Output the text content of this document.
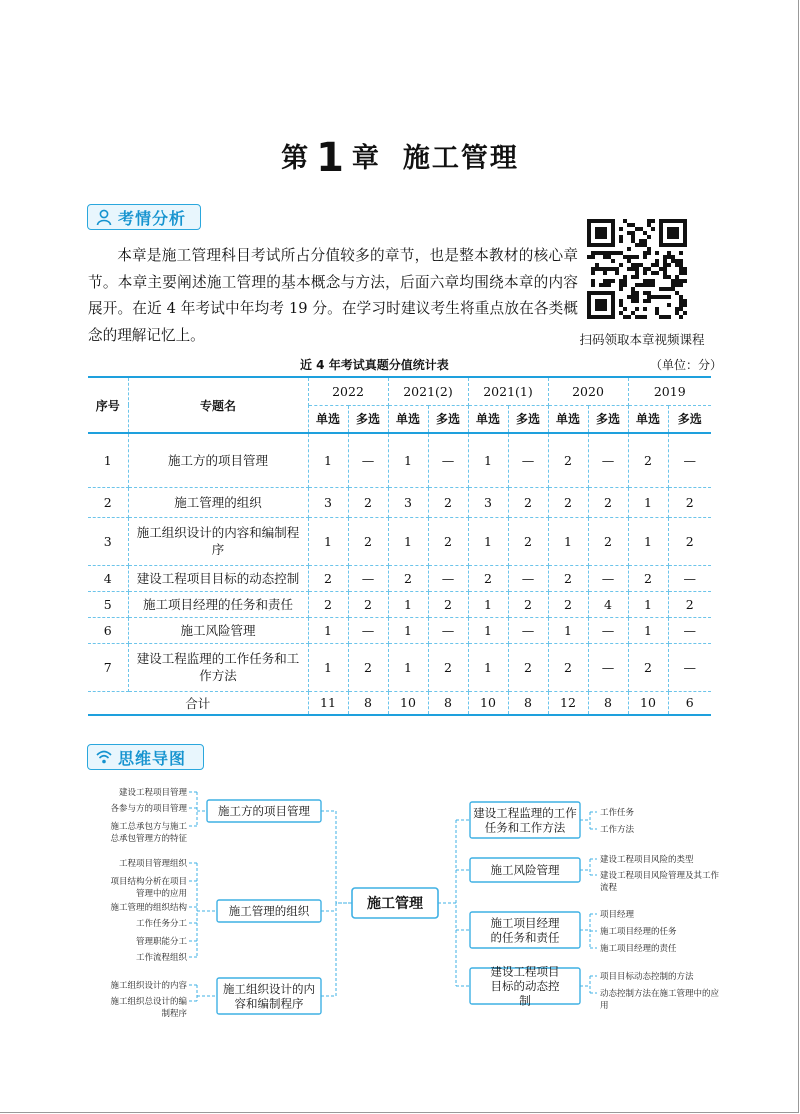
第 1 章 施工管理
考情分析

本章是施工管理科目考试所占分值较多的章节，也是整本教材的核心章节。本章主要阐述施工管理的基本概念与方法，后面六章均围绕本章的内容展开。在近 4 年考试中年均考 19 分。在学习时建议考生将重点放在各类概念的理解记忆上。	扫码领取本章视频课程
近 4 年考试真题分值统计表	（单位：分）
序号	专题名	2022		2021(2)		2021(1)		2020		2019	
		单选	多选	单选	多选	单选	多选	单选	多选	单选	多选
1	施工方的项目管理	1	—	1	—	1	—	2	—	2	—
2	施工管理的组织	3	2	3	2	3	2	2	2	1	2
3	施工组织设计的内容和编制程序	1	2	1	2	1	2	1	2	1	2
4	建设工程项目目标的动态控制	2	—	2	—	2	—	2	—	2	—
5	施工项目经理的任务和责任	2	2	1	2	1	2	2	4	1	2
6	施工风险管理	1	—	1	—	1	—	1	—	1	—
7	建设工程监理的工作任务和工作方法	1	2	1	2	1	2	2	—	2	—
合计		11	8	10	8	10	8	12	8	10	6
思维导图
施工管理
建设工程项目管理
各参与方的项目管理
施工总承包方与施工
总承包管理方的特征
施工方的项目管理
工程项目管理组织
项目结构分析在项目
管理中的应用
施工管理的组织结构
工作任务分工
管理职能分工
工作流程组织
施工管理的组织
施工组织设计的内容
施工组织总设计的编
制程序
施工组织设计的内
容和编制程序
工作任务
工作方法
建设工程监理的工作
任务和工作方法
建设工程项目风险的类型
建设工程项目风险管理及其工作
流程
施工风险管理
项目经理
施工项目经理的任务
施工项目经理的责任
施工项目经理
的任务和责任
项目目标动态控制的方法
动态控制方法在施工管理中的应
用
建设工程项目
目标的动态控
制
